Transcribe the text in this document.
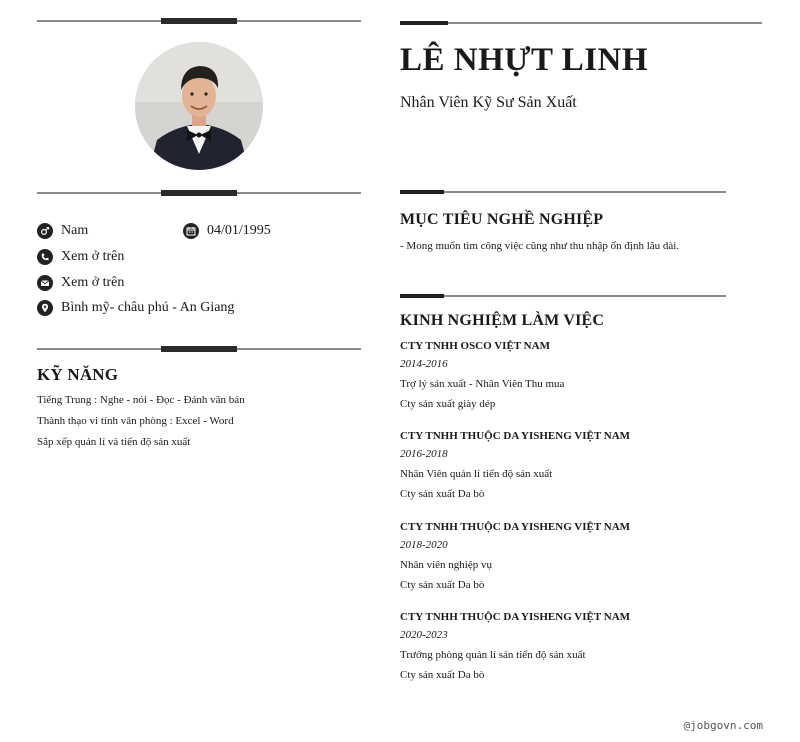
Nam	04/01/1995
Xem ở trên
Xem ở trên
Bình mỹ- châu phú - An Giang
KỸ NĂNG
Tiếng Trung : Nghe - nói - Đọc - Đánh văn bản
Thành thạo vi tính văn phòng : Excel - Word
Sắp xếp quản lí và tiến độ sản xuất
LÊ NHỰT LINH
Nhân Viên Kỹ Sư Sản Xuất
MỤC TIÊU NGHỀ NGHIỆP
- Mong muốn tìm công việc cũng như thu nhập ổn định lâu dài.
KINH NGHIỆM LÀM VIỆC
CTY TNHH OSCO VIỆT NAM
2014-2016
Trợ lý sản xuất - Nhân Viên Thu mua
Cty sản xuất giày dép
CTY TNHH THUỘC DA YISHENG VIỆT NAM
2016-2018
Nhân Viên quản lí tiến độ sản xuất
Cty sản xuất Da bò
CTY TNHH THUỘC DA YISHENG VIỆT NAM
2018-2020
Nhân viên nghiệp vụ
Cty sản xuất Da bò
CTY TNHH THUỘC DA YISHENG VIỆT NAM
2020-2023
Trưởng phòng quản lí sản tiến độ sản xuất
Cty sản xuất Da bò
@jobgovn.com
